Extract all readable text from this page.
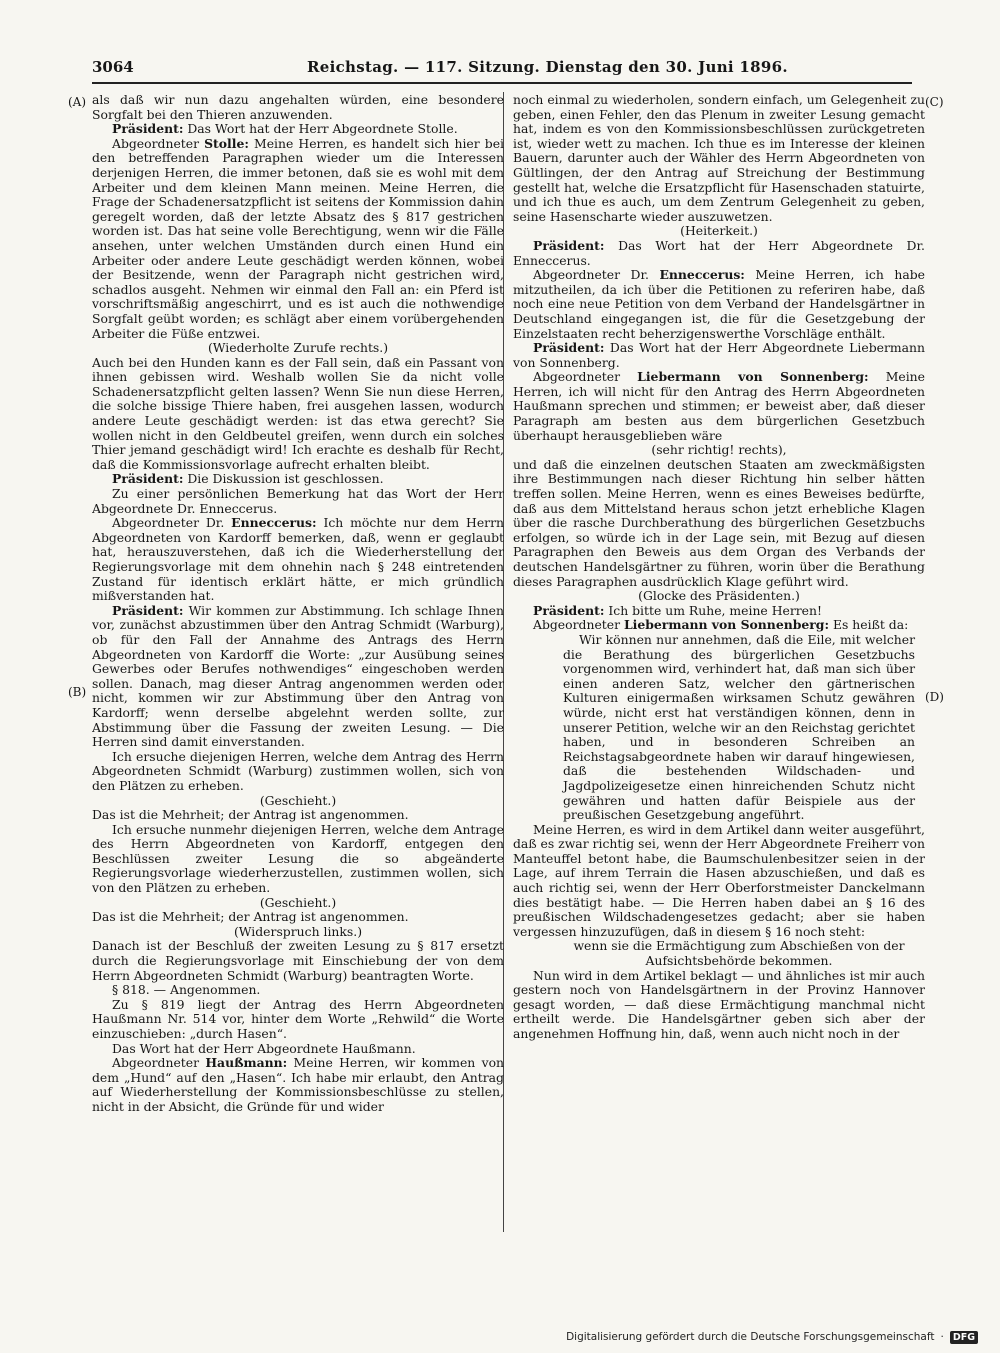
3064	Reichstag. — 117. Sitzung. Dienstag den 30. Juni 1896.
(A)
(B)
(C)
(D)

als daß wir nun dazu angehalten würden, eine besondere Sorgfalt bei den Thieren anzuwenden.

Präsident: Das Wort hat der Herr Abgeordnete Stolle.

Abgeordneter Stolle: Meine Herren, es handelt sich hier bei den betreffenden Paragraphen wieder um die Interessen derjenigen Herren, die immer betonen, daß sie es wohl mit dem Arbeiter und dem kleinen Mann meinen. Meine Herren, die Frage der Schadenersatzpflicht ist seitens der Kommission dahin geregelt worden, daß der letzte Absatz des § 817 gestrichen worden ist. Das hat seine volle Berechtigung, wenn wir die Fälle ansehen, unter welchen Umständen durch einen Hund ein Arbeiter oder andere Leute geschädigt werden können, wobei der Besitzende, wenn der Paragraph nicht gestrichen wird, schadlos ausgeht. Nehmen wir einmal den Fall an: ein Pferd ist vorschriftsmäßig angeschirrt, und es ist auch die nothwendige Sorgfalt geübt worden; es schlägt aber einem vorübergehenden Arbeiter die Füße entzwei.

(Wiederholte Zurufe rechts.)

Auch bei den Hunden kann es der Fall sein, daß ein Passant von ihnen gebissen wird. Weshalb wollen Sie da nicht volle Schadenersatzpflicht gelten lassen? Wenn Sie nun diese Herren, die solche bissige Thiere haben, frei ausgehen lassen, wodurch andere Leute geschädigt werden: ist das etwa gerecht? Sie wollen nicht in den Geldbeutel greifen, wenn durch ein solches Thier jemand geschädigt wird! Ich erachte es deshalb für Recht, daß die Kommissionsvorlage aufrecht erhalten bleibt.

Präsident: Die Diskussion ist geschlossen.

Zu einer persönlichen Bemerkung hat das Wort der Herr Abgeordnete Dr. Enneccerus.

Abgeordneter Dr. Enneccerus: Ich möchte nur dem Herrn Abgeordneten von Kardorff bemerken, daß, wenn er geglaubt hat, herauszuverstehen, daß ich die Wiederherstellung der Regierungsvorlage mit dem ohnehin nach § 248 eintretenden Zustand für identisch erklärt hätte, er mich gründlich mißverstanden hat.

Präsident: Wir kommen zur Abstimmung. Ich schlage Ihnen vor, zunächst abzustimmen über den Antrag Schmidt (Warburg), ob für den Fall der Annahme des Antrags des Herrn Abgeordneten von Kardorff die Worte: „zur Ausübung seines Gewerbes oder Berufes nothwendiges“ eingeschoben werden sollen. Danach, mag dieser Antrag angenommen werden oder nicht, kommen wir zur Abstimmung über den Antrag von Kardorff; wenn derselbe abgelehnt werden sollte, zur Abstimmung über die Fassung der zweiten Lesung. — Die Herren sind damit einverstanden.

Ich ersuche diejenigen Herren, welche dem Antrag des Herrn Abgeordneten Schmidt (Warburg) zustimmen wollen, sich von den Plätzen zu erheben.

(Geschieht.)

Das ist die Mehrheit; der Antrag ist angenommen.

Ich ersuche nunmehr diejenigen Herren, welche dem Antrage des Herrn Abgeordneten von Kardorff, entgegen den Beschlüssen zweiter Lesung die so abgeänderte Regierungsvorlage wiederherzustellen, zustimmen wollen, sich von den Plätzen zu erheben.

(Geschieht.)

Das ist die Mehrheit; der Antrag ist angenommen.

(Widerspruch links.)

Danach ist der Beschluß der zweiten Lesung zu § 817 ersetzt durch die Regierungsvorlage mit Einschiebung der von dem Herrn Abgeordneten Schmidt (Warburg) beantragten Worte.

§ 818. — Angenommen.

Zu § 819 liegt der Antrag des Herrn Abgeordneten Haußmann Nr. 514 vor, hinter dem Worte „Rehwild“ die Worte einzuschieben: „durch Hasen“.

Das Wort hat der Herr Abgeordnete Haußmann.

Abgeordneter Haußmann: Meine Herren, wir kommen von dem „Hund“ auf den „Hasen“. Ich habe mir erlaubt, den Antrag auf Wiederherstellung der Kommissionsbeschlüsse zu stellen, nicht in der Absicht, die Gründe für und wider

noch einmal zu wiederholen, sondern einfach, um Gelegenheit zu geben, einen Fehler, den das Plenum in zweiter Lesung gemacht hat, indem es von den Kommissionsbeschlüssen zurückgetreten ist, wieder wett zu machen. Ich thue es im Interesse der kleinen Bauern, darunter auch der Wähler des Herrn Abgeordneten von Gültlingen, der den Antrag auf Streichung der Bestimmung gestellt hat, welche die Ersatzpflicht für Hasenschaden statuirte, und ich thue es auch, um dem Zentrum Gelegenheit zu geben, seine Hasenscharte wieder auszuwetzen.

(Heiterkeit.)

Präsident: Das Wort hat der Herr Abgeordnete Dr. Enneccerus.

Abgeordneter Dr. Enneccerus: Meine Herren, ich habe mitzutheilen, da ich über die Petitionen zu referiren habe, daß noch eine neue Petition von dem Verband der Handelsgärtner in Deutschland eingegangen ist, die für die Gesetzgebung der Einzelstaaten recht beherzigenswerthe Vorschläge enthält.

Präsident: Das Wort hat der Herr Abgeordnete Liebermann von Sonnenberg.

Abgeordneter Liebermann von Sonnenberg: Meine Herren, ich will nicht für den Antrag des Herrn Abgeordneten Haußmann sprechen und stimmen; er beweist aber, daß dieser Paragraph am besten aus dem bürgerlichen Gesetzbuch überhaupt herausgeblieben wäre

(sehr richtig! rechts),

und daß die einzelnen deutschen Staaten am zweckmäßigsten ihre Bestimmungen nach dieser Richtung hin selber hätten treffen sollen. Meine Herren, wenn es eines Beweises bedürfte, daß aus dem Mittelstand heraus schon jetzt erhebliche Klagen über die rasche Durchberathung des bürgerlichen Gesetzbuchs erfolgen, so würde ich in der Lage sein, mit Bezug auf diesen Paragraphen den Beweis aus dem Organ des Verbands der deutschen Handelsgärtner zu führen, worin über die Berathung dieses Paragraphen ausdrücklich Klage geführt wird.

(Glocke des Präsidenten.)

Präsident: Ich bitte um Ruhe, meine Herren!

Abgeordneter Liebermann von Sonnenberg: Es heißt da:

Wir können nur annehmen, daß die Eile, mit welcher die Berathung des bürgerlichen Gesetzbuchs vorgenommen wird, verhindert hat, daß man sich über einen anderen Satz, welcher den gärtnerischen Kulturen einigermaßen wirksamen Schutz gewähren würde, nicht erst hat verständigen können, denn in unserer Petition, welche wir an den Reichstag gerichtet haben, und in besonderen Schreiben an Reichstagsabgeordnete haben wir darauf hingewiesen, daß die bestehenden Wildschaden- und Jagdpolizeigesetze einen hinreichenden Schutz nicht gewähren und hatten dafür Beispiele aus der preußischen Gesetzgebung angeführt.

Meine Herren, es wird in dem Artikel dann weiter ausgeführt, daß es zwar richtig sei, wenn der Herr Abgeordnete Freiherr von Manteuffel betont habe, die Baumschulenbesitzer seien in der Lage, auf ihrem Terrain die Hasen abzuschießen, und daß es auch richtig sei, wenn der Herr Oberforstmeister Danckelmann dies bestätigt habe. — Die Herren haben dabei an § 16 des preußischen Wildschadengesetzes gedacht; aber sie haben vergessen hinzuzufügen, daß in diesem § 16 noch steht:

wenn sie die Ermächtigung zum Abschießen von der Aufsichtsbehörde bekommen.

Nun wird in dem Artikel beklagt — und ähnliches ist mir auch gestern noch von Handelsgärtnern in der Provinz Hannover gesagt worden, — daß diese Ermächtigung manchmal nicht ertheilt werde. Die Handelsgärtner geben sich aber der angenehmen Hoffnung hin, daß, wenn auch nicht noch in der

Digitalisierung gefördert durch die Deutsche Forschungsgemeinschaft · DFG
